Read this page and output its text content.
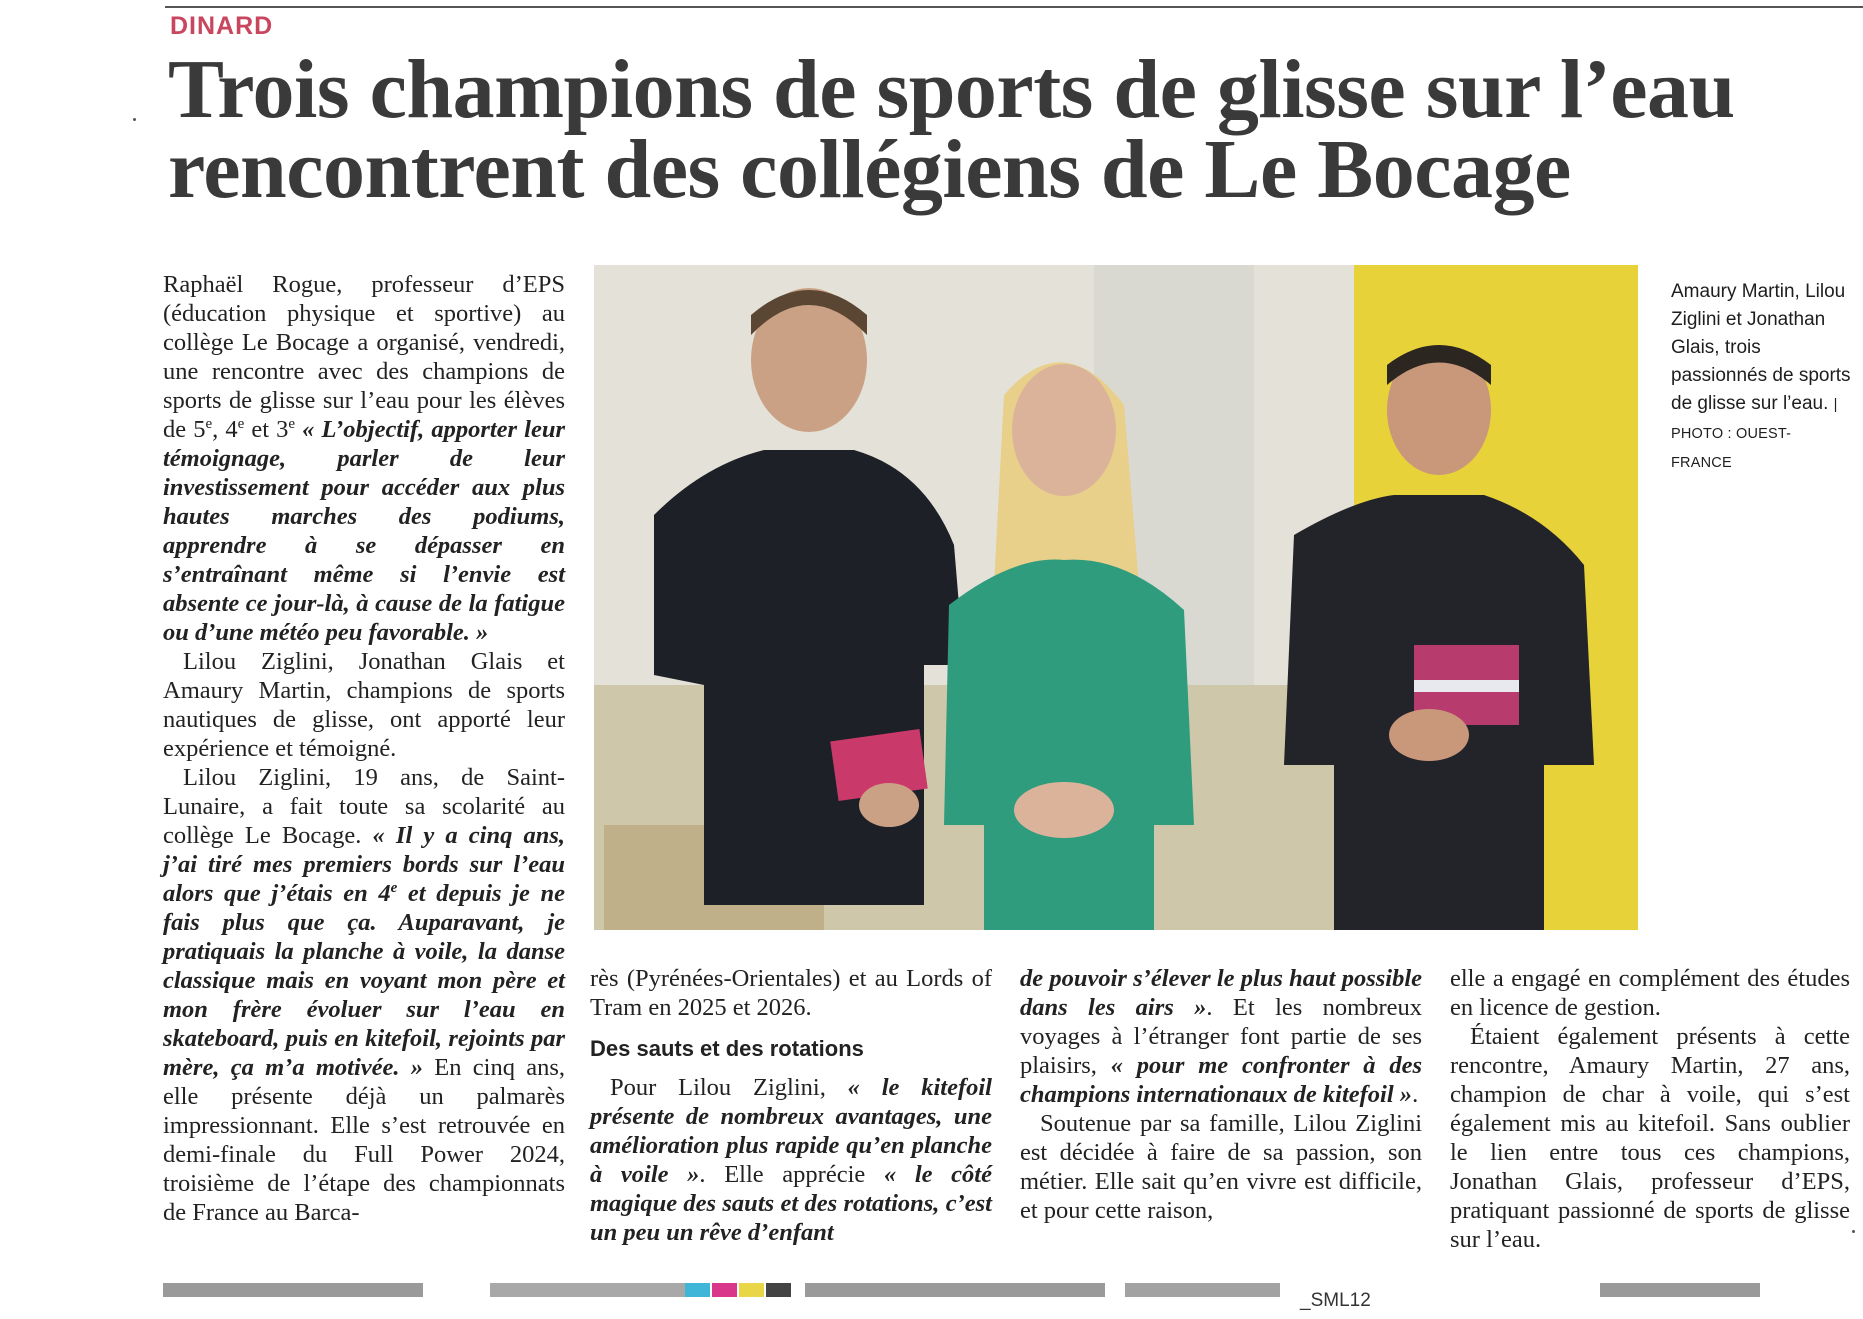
DINARD
Trois champions de sports de glisse sur l’eau
rencontrent des collégiens de Le Bocage

Raphaël Rogue, professeur d’EPS (éducation physique et sportive) au collège Le Bocage a organisé, vendredi, une rencontre avec des champions de sports de glisse sur l’eau pour les élèves de 5e, 4e et 3e « L’objectif, apporter leur témoignage, parler de leur investissement pour accéder aux plus hautes marches des podiums, apprendre à se dépasser en s’entraînant même si l’envie est absente ce jour-là, à cause de la fatigue ou d’une météo peu favorable. »

Lilou Ziglini, Jonathan Glais et Amaury Martin, champions de sports nautiques de glisse, ont apporté leur expérience et témoigné.

Lilou Ziglini, 19 ans, de Saint-Lunaire, a fait toute sa scolarité au collège Le Bocage. « Il y a cinq ans, j’ai tiré mes premiers bords sur l’eau alors que j’étais en 4e et depuis je ne fais plus que ça. Auparavant, je pratiquais la planche à voile, la danse classique mais en voyant mon père et mon frère évoluer sur l’eau en skateboard, puis en kitefoil, rejoints par mère, ça m’a motivée. » En cinq ans, elle présente déjà un palmarès impressionnant. Elle s’est retrouvée en demi-finale du Full Power 2024, troisième de l’étape des championnats de France au Barca-

Amaury Martin, Lilou Ziglini et Jonathan Glais, trois passionnés de sports de glisse sur l’eau. | PHOTO : OUEST-FRANCE

rès (Pyrénées-Orientales) et au Lords of Tram en 2025 et 2026.

Des sauts et des rotations

Pour Lilou Ziglini, « le kitefoil présente de nombreux avantages, une amélioration plus rapide qu’en planche à voile ». Elle apprécie « le côté magique des sauts et des rotations, c’est un peu un rêve d’enfant

de pouvoir s’élever le plus haut possible dans les airs ». Et les nombreux voyages à l’étranger font partie de ses plaisirs, « pour me confronter à des champions internationaux de kitefoil ».

Soutenue par sa famille, Lilou Ziglini est décidée à faire de sa passion, son métier. Elle sait qu’en vivre est difficile, et pour cette raison,

elle a engagé en complément des études en licence de gestion.

Étaient également présents à cette rencontre, Amaury Martin, 27 ans, champion de char à voile, qui s’est également mis au kitefoil. Sans oublier le lien entre tous ces champions, Jonathan Glais, professeur d’EPS, pratiquant passionné de sports de glisse sur l’eau.

_SML12
